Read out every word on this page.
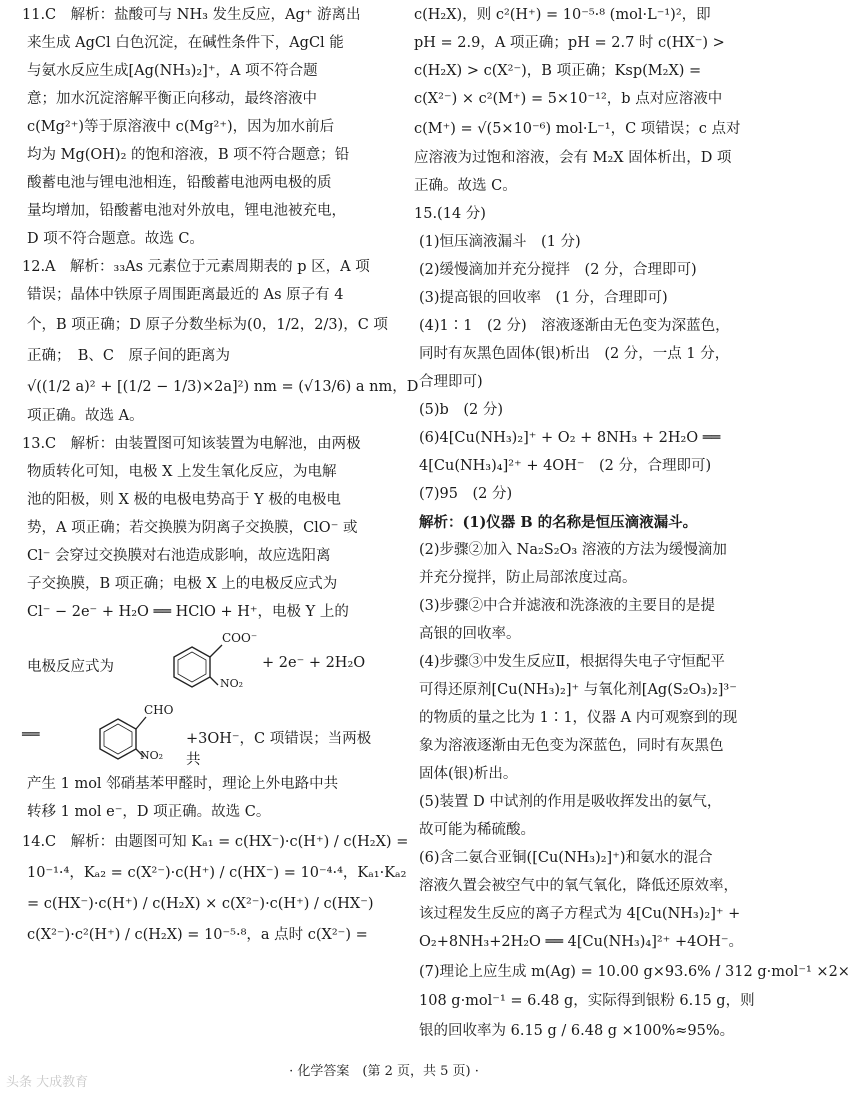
11.C　解析：盐酸可与 NH₃ 发生反应，Ag⁺ 游离出
来生成 AgCl 白色沉淀，在碱性条件下，AgCl 能
与氨水反应生成[Ag(NH₃)₂]⁺，A 项不符合题
意；加水沉淀溶解平衡正向移动，最终溶液中
c(Mg²⁺)等于原溶液中 c(Mg²⁺)，因为加水前后
均为 Mg(OH)₂ 的饱和溶液，B 项不符合题意；铅
酸蓄电池与锂电池相连，铅酸蓄电池两电极的质
量均增加，铅酸蓄电池对外放电，锂电池被充电，
D 项不符合题意。故选 C。
12.A　解析：₃₃As 元素位于元素周期表的 p 区，A 项
错误；晶体中铁原子周围距离最近的 As 原子有 4
个，B 项正确；D 原子分数坐标为(0，1/2，2/3)，C 项
正确；　B、C　原子间的距离为
√((1/2 a)² + [(1/2 − 1/3)×2a]²) nm = (√13/6) a nm，D
项正确。故选 A。
13.C　解析：由装置图可知该装置为电解池，由两极
物质转化可知，电极 X 上发生氧化反应，为电解
池的阳极，则 X 极的电极电势高于 Y 极的电极电
势，A 项正确；若交换膜为阴离子交换膜，ClO⁻ 或
Cl⁻ 会穿过交换膜对右池造成影响，故应选阳离
子交换膜，B 项正确；电极 X 上的电极反应式为
Cl⁻ − 2e⁻ + H₂O ══ HClO + H⁺，电极 Y 上的
电极反应式为
COO⁻
NO₂
+ 2e⁻ + 2H₂O
══
CHO
NO₂
+3OH⁻，C 项错误；当两极共
产生 1 mol 邻硝基苯甲醛时，理论上外电路中共
转移 1 mol e⁻，D 项正确。故选 C。
14.C　解析：由题图可知 Kₐ₁ = c(HX⁻)·c(H⁺) / c(H₂X) =
10⁻¹·⁴，Kₐ₂ = c(X²⁻)·c(H⁺) / c(HX⁻) = 10⁻⁴·⁴，Kₐ₁·Kₐ₂
= c(HX⁻)·c(H⁺) / c(H₂X) × c(X²⁻)·c(H⁺) / c(HX⁻)
c(X²⁻)·c²(H⁺) / c(H₂X) = 10⁻⁵·⁸，a 点时 c(X²⁻) =
c(H₂X)，则 c²(H⁺) = 10⁻⁵·⁸ (mol·L⁻¹)²，即
pH = 2.9，A 项正确；pH = 2.7 时 c(HX⁻) >
c(H₂X) > c(X²⁻)，B 项正确；Ksp(M₂X) =
c(X²⁻) × c²(M⁺) = 5×10⁻¹²，b 点对应溶液中
c(M⁺) = √(5×10⁻⁶) mol·L⁻¹，C 项错误；c 点对
应溶液为过饱和溶液，会有 M₂X 固体析出，D 项
正确。故选 C。
15.(14 分)
(1)恒压滴液漏斗　(1 分)
(2)缓慢滴加并充分搅拌　(2 分，合理即可)
(3)提高银的回收率　(1 分，合理即可)
(4)1∶1　(2 分)　溶液逐渐由无色变为深蓝色，
同时有灰黑色固体(银)析出　(2 分，一点 1 分，
合理即可)
(5)b　(2 分)
(6)4[Cu(NH₃)₂]⁺ + O₂ + 8NH₃ + 2H₂O ══
4[Cu(NH₃)₄]²⁺ + 4OH⁻　(2 分，合理即可)
(7)95　(2 分)
解析：(1)仪器 B 的名称是恒压滴液漏斗。
(2)步骤②加入 Na₂S₂O₃ 溶液的方法为缓慢滴加
并充分搅拌，防止局部浓度过高。
(3)步骤②中合并滤液和洗涤液的主要目的是提
高银的回收率。
(4)步骤③中发生反应Ⅱ，根据得失电子守恒配平
可得还原剂[Cu(NH₃)₂]⁺ 与氧化剂[Ag(S₂O₃)₂]³⁻
的物质的量之比为 1∶1，仪器 A 内可观察到的现
象为溶液逐渐由无色变为深蓝色，同时有灰黑色
固体(银)析出。
(5)装置 D 中试剂的作用是吸收挥发出的氨气，
故可能为稀硫酸。
(6)含二氨合亚铜([Cu(NH₃)₂]⁺)和氨水的混合
溶液久置会被空气中的氧气氧化，降低还原效率，
该过程发生反应的离子方程式为 4[Cu(NH₃)₂]⁺ +
O₂+8NH₃+2H₂O ══ 4[Cu(NH₃)₄]²⁺ +4OH⁻。
(7)理论上应生成 m(Ag) = 10.00 g×93.6% / 312 g·mol⁻¹ ×2×
108 g·mol⁻¹ = 6.48 g，实际得到银粉 6.15 g，则
银的回收率为 6.15 g / 6.48 g ×100%≈95%。
· 化学答案　(第 2 页，共 5 页) ·
头条 大成教育
